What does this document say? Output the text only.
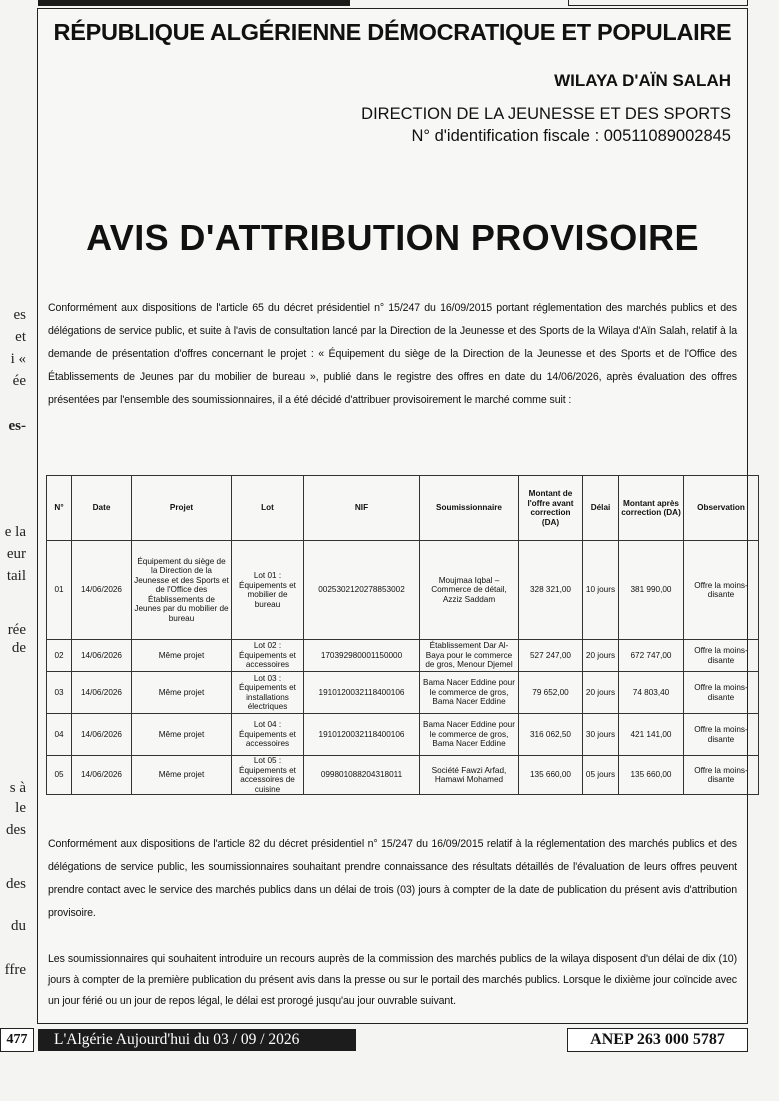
es
et
i «
ée
es-
e la
eur
tail
rée
de
s à
le
des
des
du
ffre
RÉPUBLIQUE ALGÉRIENNE DÉMOCRATIQUE ET POPULAIRE
WILAYA D'AÏN SALAH
DIRECTION DE LA JEUNESSE ET DES SPORTS
N° d'identification fiscale : 00511089002845
AVIS D'ATTRIBUTION PROVISOIRE
Conformément aux dispositions de l'article 65 du décret présidentiel n° 15/247 du 16/09/2015 portant réglementation des marchés publics et des délégations de service public, et suite à l'avis de consultation lancé par la Direction de la Jeunesse et des Sports de la Wilaya d'Aïn Salah, relatif à la demande de présentation d'offres concernant le projet : « Équipement du siège de la Direction de la Jeunesse et des Sports et de l'Office des Établissements de Jeunes par du mobilier de bureau », publié dans le registre des offres en date du 14/06/2026, après évaluation des offres présentées par l'ensemble des soumissionnaires, il a été décidé d'attribuer provisoirement le marché comme suit :
N°	Date	Projet	Lot	NIF	Soumissionnaire	Montant de l'offre avant correction (DA)	Délai	Montant après correction (DA)	Observation
01	14/06/2026	Équipement du siège de la Direction de la Jeunesse et des Sports et de l'Office des Établissements de Jeunes par du mobilier de bureau	Lot 01 : Équipements et mobilier de bureau	002530212027885300​2	Moujmaa Iqbal – Commerce de détail, Azziz Saddam	328 321,00	10 jours	381 990,00	Offre la moins-disante
02	14/06/2026	Même projet	Lot 02 : Équipements et accessoires	170392980001150000	Établissement Dar Al-Baya pour le commerce de gros, Menour Djemel	527 247,00	20 jours	672 747,00	Offre la moins-disante
03	14/06/2026	Même projet	Lot 03 : Équipements et installations électriques	191012003211840010​6	Bama Nacer Eddine pour le commerce de gros, Bama Nacer Eddine	79 652,00	20 jours	74 803,40	Offre la moins-disante
04	14/06/2026	Même projet	Lot 04 : Équipements et accessoires	191012003211840010​6	Bama Nacer Eddine pour le commerce de gros, Bama Nacer Eddine	316 062,50	30 jours	421 141,00	Offre la moins-disante
05	14/06/2026	Même projet	Lot 05 : Équipements et accessoires de cuisine	099801088204318011	Société Fawzi Arfad, Hamawi Mohamed	135 660,00	05 jours	135 660,00	Offre la moins-disante
Conformément aux dispositions de l'article 82 du décret présidentiel n° 15/247 du 16/09/2015 relatif à la réglementation des marchés publics et des délégations de service public, les soumissionnaires souhaitant prendre connaissance des résultats détaillés de l'évaluation de leurs offres peuvent prendre contact avec le service des marchés publics dans un délai de trois (03) jours à compter de la date de publication du présent avis d'attribution provisoire.
Les soumissionnaires qui souhaitent introduire un recours auprès de la commission des marchés publics de la wilaya disposent d'un délai de dix (10) jours à compter de la première publication du présent avis dans la presse ou sur le portail des marchés publics. Lorsque le dixième jour coïncide avec un jour férié ou un jour de repos légal, le délai est prorogé jusqu'au jour ouvrable suivant.
477	L'Algérie Aujourd'hui du 03 / 09 / 2026	ANEP 263 000 5787
